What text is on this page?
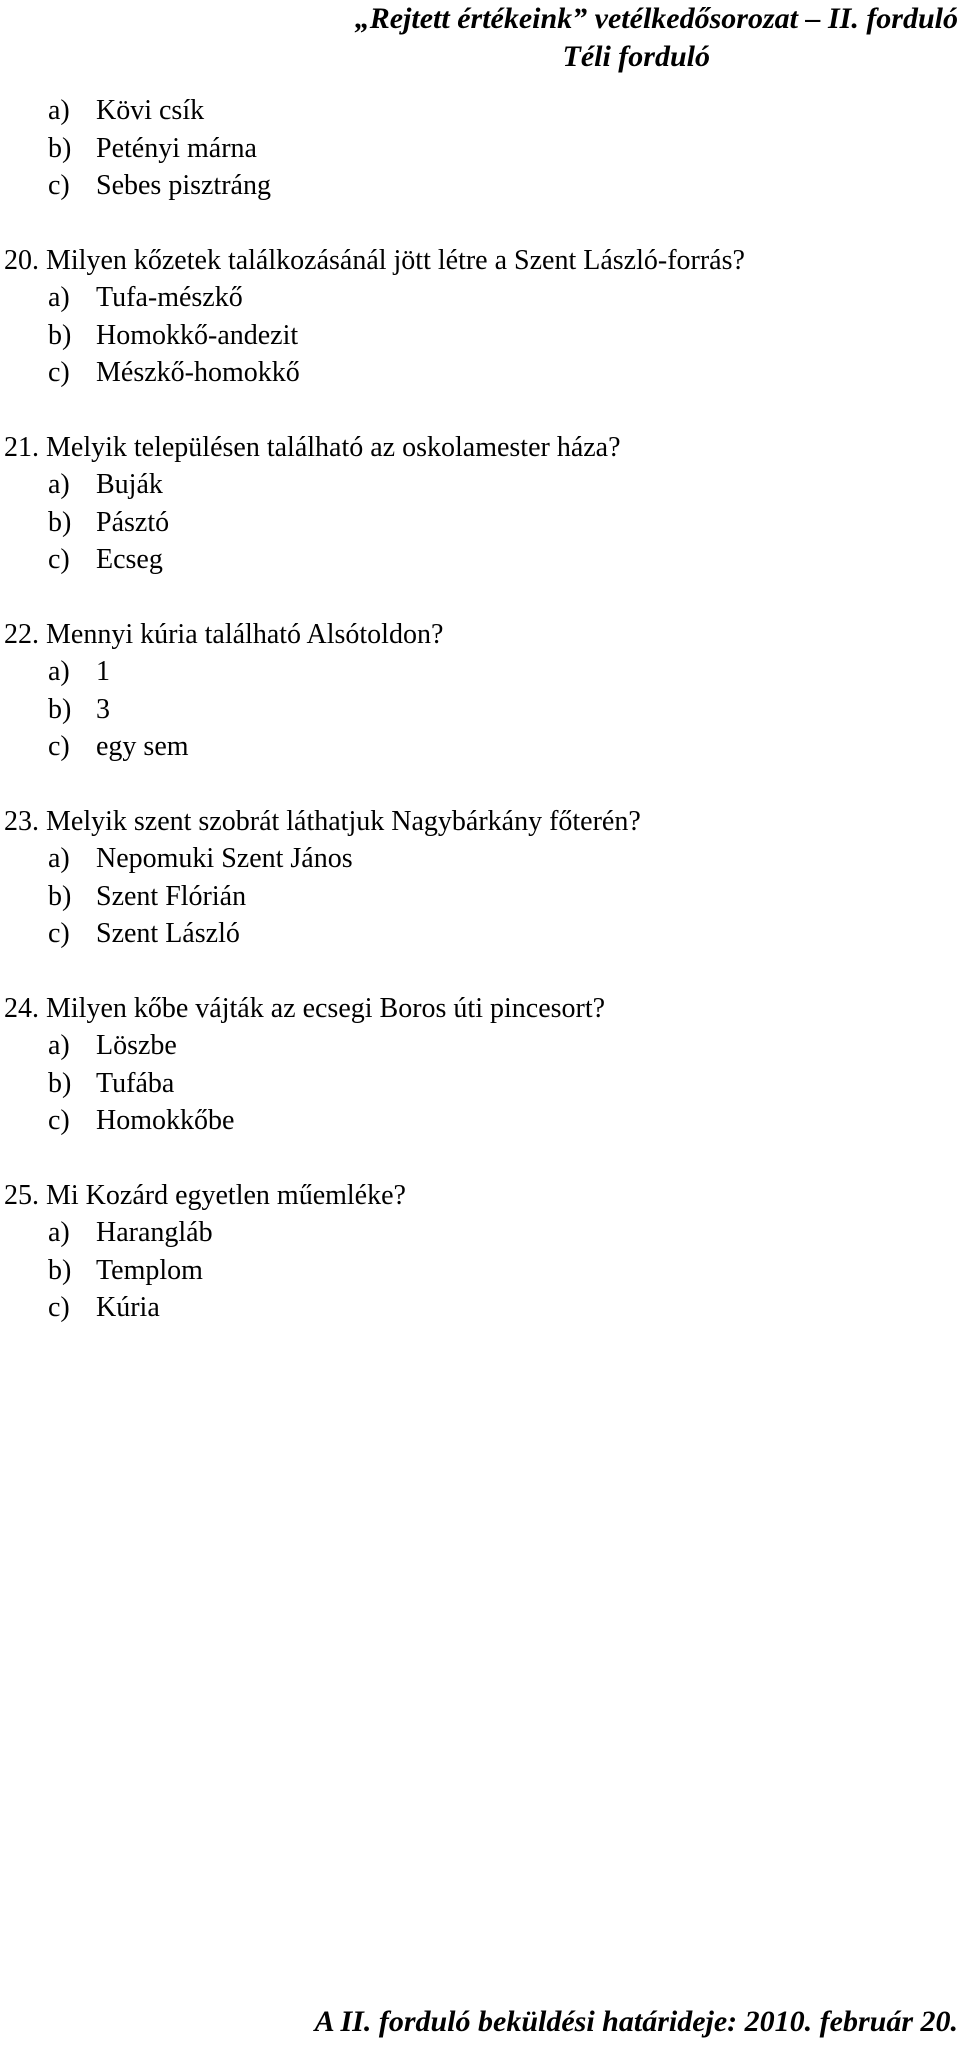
„Rejtett értékeink” vetélkedősorozat – II. forduló
Téli forduló
a) Kövi csík
b) Petényi márna
c) Sebes pisztráng
20. Milyen kőzetek találkozásánál jött létre a Szent László-forrás?
a) Tufa-mészkő
b) Homokkő-andezit
c) Mészkő-homokkő
21. Melyik településen található az oskolamester háza?
a) Buják
b) Pásztó
c) Ecseg
22. Mennyi kúria található Alsótoldon?
a) 1
b) 3
c) egy sem
23. Melyik szent szobrát láthatjuk Nagybárkány főterén?
a) Nepomuki Szent János
b) Szent Flórián
c) Szent László
24. Milyen kőbe vájták az ecsegi Boros úti pincesort?
a) Löszbe
b) Tufába
c) Homokkőbe
25. Mi Kozárd egyetlen műemléke?
a) Harangláb
b) Templom
c) Kúria
A II. forduló beküldési határideje: 2010. február 20.
